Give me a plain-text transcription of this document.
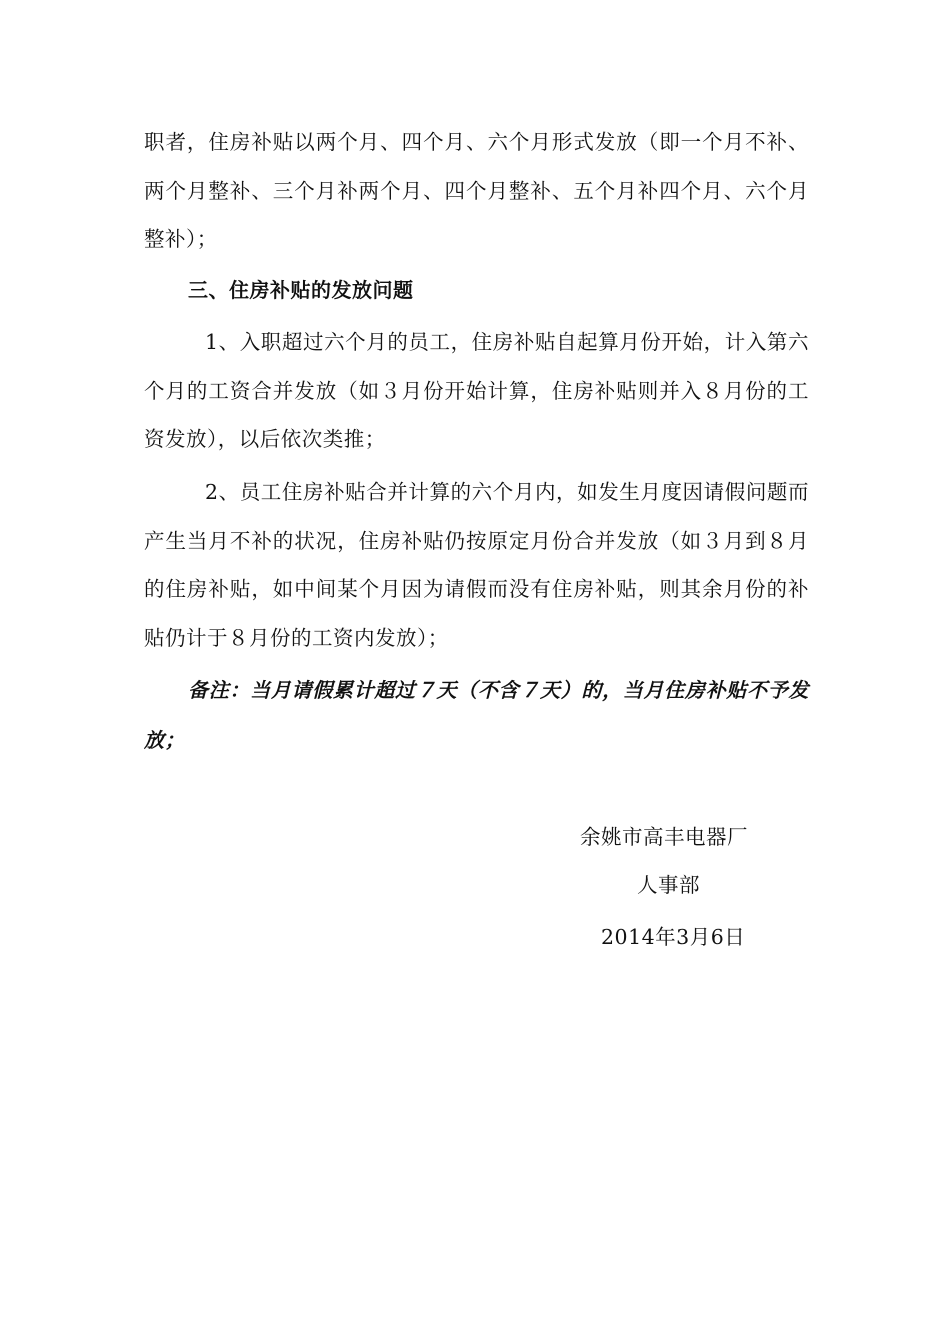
职者，住房补贴以两个月、四个月、六个月形式发放（即一个月不补、两个月整补、三个月补两个月、四个月整补、五个月补四个月、六个月整补）；

三、住房补贴的发放问题

1、入职超过六个月的员工，住房补贴自起算月份开始，计入第六个月的工资合并发放（如３月份开始计算，住房补贴则并入８月份的工资发放），以后依次类推；

2、员工住房补贴合并计算的六个月内，如发生月度因请假问题而产生当月不补的状况，住房补贴仍按原定月份合并发放（如３月到８月的住房补贴，如中间某个月因为请假而没有住房补贴，则其余月份的补贴仍计于８月份的工资内发放）；

备注：当月请假累计超过７天（不含７天）的，当月住房补贴不予发放；

余姚市高丰电器厂

人事部

2014年3月6日
